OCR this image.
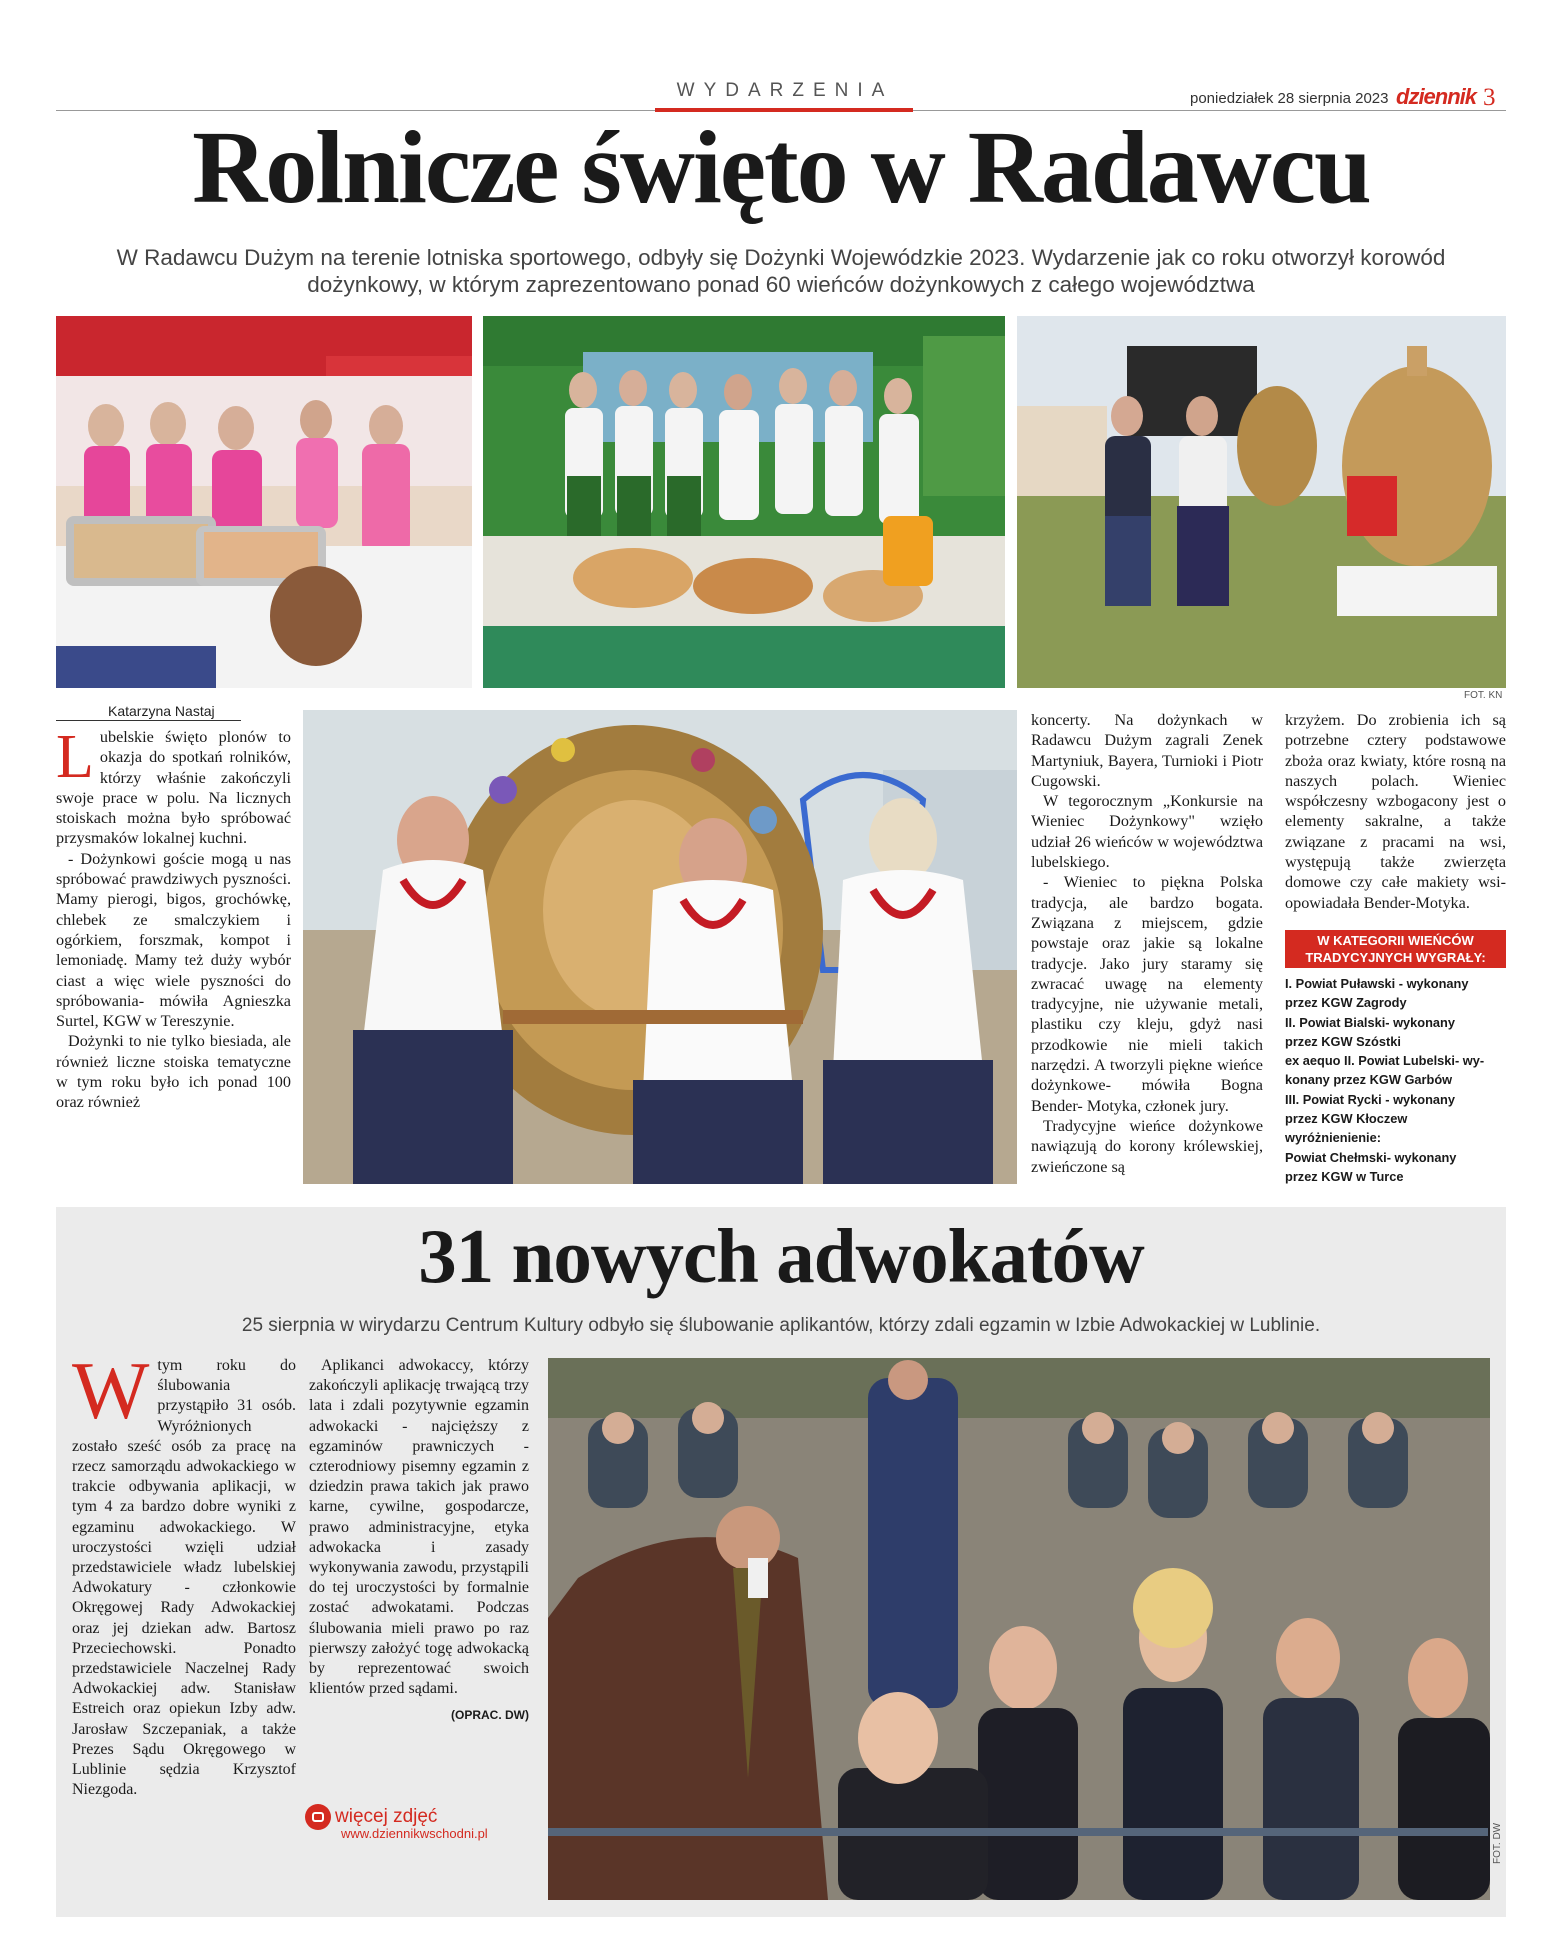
WYDARZENIA	poniedziałek 28 sierpnia 2023 dziennik 3
Rolnicze święto w Radawcu
W Radawcu Dużym na terenie lotniska sportowego, odbyły się Dożynki Wojewódzkie 2023. Wydarzenie jak co roku otworzył korowód dożynkowy, w którym zaprezentowano ponad 60 wieńców dożynkowych z całego województwa
FOT. KN
Katarzyna Nastaj
L ubelskie święto plonów to okazja do spotkań rolników, którzy właśnie zakończyli swoje prace w polu. Na licznych stoiskach można było spróbować przysmaków lokalnej kuchni.

- Dożynkowi goście mogą u nas spróbować prawdziwych pyszności. Mamy pierogi, bigos, grochówkę, chlebek ze smalczykiem i ogórkiem, forszmak, kompot i lemoniadę. Mamy też duży wybór ciast a więc wiele pyszności do spróbowania- mówiła Agnieszka Surtel, KGW w Tereszynie.

Dożynki to nie tylko biesiada, ale również liczne stoiska tematyczne w tym roku było ich ponad 100 oraz również

koncerty. Na dożynkach w Radawcu Dużym zagrali Zenek Martyniuk, Bayera, Turnioki i Piotr Cugowski.

W tegorocznym „Konkursie na Wieniec Dożynkowy" wzięło udział 26 wieńców w województwa lubelskiego.

- Wieniec to piękna Polska tradycja, ale bardzo bogata. Związana z miejscem, gdzie powstaje oraz jakie są lokalne tradycje. Jako jury staramy się zwracać uwagę na elementy tradycyjne, nie używanie metali, plastiku czy kleju, gdyż nasi przodkowie nie mieli takich narzędzi. A tworzyli piękne wieńce dożynkowe- mówiła Bogna Bender- Motyka, członek jury.

Tradycyjne wieńce dożynkowe nawiązują do korony królewskiej, zwieńczone są

krzyżem. Do zrobienia ich są potrzebne cztery podstawowe zboża oraz kwiaty, które rosną na naszych polach. Wieniec współczesny wzbogacony jest o elementy sakralne, a także związane z pracami na wsi, występują także zwierzęta domowe czy całe makiety wsi- opowiadała Bender-Motyka.

W KATEGORII WIEŃCÓW TRADYCYJNYCH WYGRAŁY:
I. Powiat Puławski - wykonany
przez KGW Zagrody
II. Powiat Bialski- wykonany
przez KGW Szóstki
ex aequo II. Powiat Lubelski- wy-
konany przez KGW Garbów
III. Powiat Rycki - wykonany
przez KGW Kłoczew
wyróżnienienie:
Powiat Chełmski- wykonany
przez KGW w Turce
31 nowych adwokatów
25 sierpnia w wirydarzu Centrum Kultury odbyło się ślubowanie aplikantów, którzy zdali egzamin w Izbie Adwokackiej w Lublinie.
W tym roku do ślubowania przystąpiło 31 osób. Wyróżnionych zostało sześć osób za pracę na rzecz samorządu adwokackiego w trakcie odbywania aplikacji, w tym 4 za bardzo dobre wyniki z egzaminu adwokackiego. W uroczystości wzięli udział przedstawiciele władz lubelskiej Adwokatury - członkowie Okręgowej Rady Adwokackiej oraz jej dziekan adw. Bartosz Przeciechowski. Ponadto przedstawiciele Naczelnej Rady Adwokackiej adw. Stanisław Estreich oraz opiekun Izby adw. Jarosław Szczepaniak, a także Prezes Sądu Okręgowego w Lublinie sędzia Krzysztof Niezgoda.

Aplikanci adwokaccy, którzy zakończyli aplikację trwającą trzy lata i zdali pozytywnie egzamin adwokacki - najcięższy z egzaminów prawniczych - czterodniowy pisemny egzamin z dziedzin prawa takich jak prawo karne, cywilne, gospodarcze, prawo administracyjne, etyka adwokacka i zasady wykonywania zawodu, przystąpili do tej uroczystości by formalnie zostać adwokatami. Podczas ślubowania mieli prawo po raz pierwszy założyć togę adwokacką by reprezentować swoich klientów przed sądami.

(OPRAC. DW)
więcej zdjęć
www.dziennikwschodni.pl	FOT. DW
